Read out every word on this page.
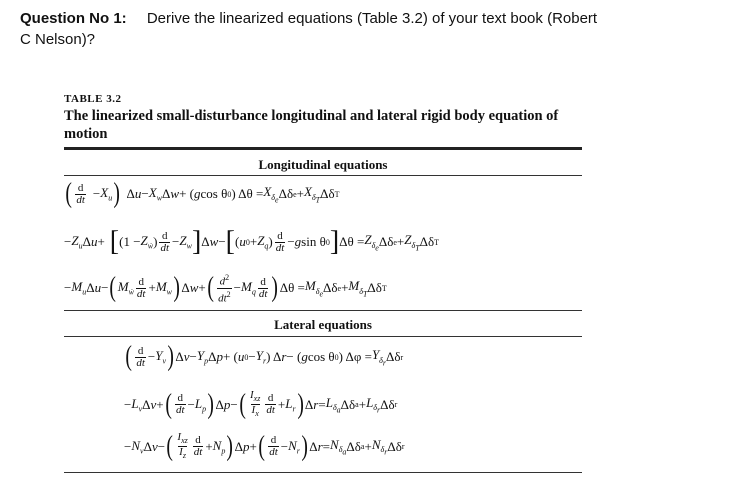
Question No 1: Derive the linearized equations (Table 3.2) of your text book (Robert
C Nelson)?
TABLE 3.2
The linearized small-disturbance longitudinal and lateral rigid body equation of motion
Longitudinal equations
( $\frac{d}{dt} - X_u$ ) Δ $u - X_w$ Δ w + ( g cos θ 0 ) $\Delta\theta = X_{\delta_e}$ Δδ $e + X_{\delta_T}$ Δδ T
− $Z_u$ Δ u + [ ($1 - Z_ẇ$ ) $\frac{d}{dt} - Z_w$ ] Δ w − [ ( u $0 + Z_q$ ) $\frac{d}{dt} - g$ sin θ 0 ] $\Delta\theta = Z_{\delta_e}$ Δδ $e + Z_{\delta_T}$ Δδ T
− $M_u$ Δ u − ( $M_ẇ \frac{d}{dt} + M_w$ ) Δ w + ( $\frac{d^2}{dt^2} - M_q \frac{d}{dt}$ ) $\Delta\theta = M_{\delta_e}$ Δδ $e + M_{\delta_T}$ Δδ T
Lateral equations
( $\frac{d}{dt} - Y_v$ ) Δ $v - Y_p$ Δ p + ( u $0 - Y_r$ ) Δ r − ( g cos θ 0 ) $\Delta\varphi = Y_{\delta_r}$ Δδ r
− $L_v$ Δ v + ( $\frac{d}{dt} - L_p$ ) Δ p − ( $\frac{I_{xz}}{I_x} \frac{d}{dt} + L_r$ ) Δ $r = L_{\delta_a}$ Δδ $a + L_{\delta_r}$ Δδ r
− $N_v$ Δ v − ( $\frac{I_{xz}}{I_z} \frac{d}{dt} + N_p$ ) Δ p + ( $\frac{d}{dt} - N_r$ ) Δ $r = N_{\delta_a}$ Δδ $a + N_{\delta_r}$ Δδ r
